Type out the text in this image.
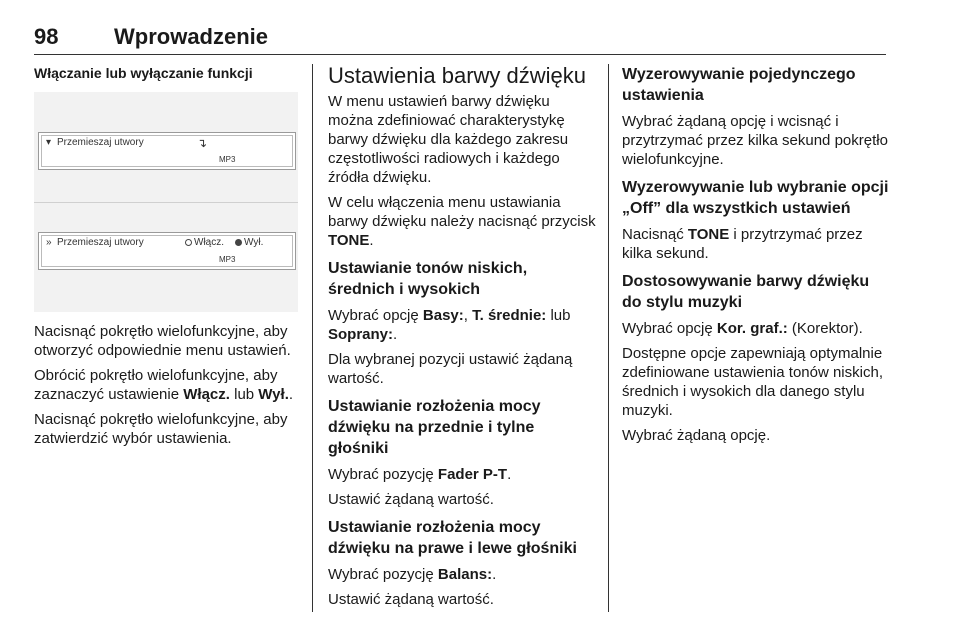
98	Wprowadzenie
Włączanie lub wyłączanie funkcji
▾ Przemieszaj utwory	↴
MP3
» Przemieszaj utwory	Włącz.	Wył.
MP3

Nacisnąć pokrętło wielofunkcyjne, aby otworzyć odpowiednie menu ustawień.

Obrócić pokrętło wielofunkcyjne, aby zaznaczyć ustawienie Włącz. lub Wył..

Nacisnąć pokrętło wielofunkcyjne, aby zatwierdzić wybór ustawienia.

Ustawienia barwy dźwięku

W menu ustawień barwy dźwięku można zdefiniować charakterystykę barwy dźwięku dla każdego zakresu częstotliwości radiowych i każdego źródła dźwięku.

W celu włączenia menu ustawiania barwy dźwięku należy nacisnąć przycisk TONE.

Ustawianie tonów niskich, średnich i wysokich

Wybrać opcję Basy:, T. średnie: lub Soprany:.

Dla wybranej pozycji ustawić żądaną wartość.

Ustawianie rozłożenia mocy dźwięku na przednie i tylne głośniki

Wybrać pozycję Fader P-T.

Ustawić żądaną wartość.

Ustawianie rozłożenia mocy dźwięku na prawe i lewe głośniki

Wybrać pozycję Balans:.

Ustawić żądaną wartość.

Wyzerowywanie pojedynczego ustawienia

Wybrać żądaną opcję i wcisnąć i przytrzymać przez kilka sekund pokrętło wielofunkcyjne.

Wyzerowywanie lub wybranie opcji „Off” dla wszystkich ustawień

Nacisnąć TONE i przytrzymać przez kilka sekund.

Dostosowywanie barwy dźwięku do stylu muzyki

Wybrać opcję Kor. graf.: (Korektor).

Dostępne opcje zapewniają optymalnie zdefiniowane ustawienia tonów niskich, średnich i wysokich dla danego stylu muzyki.

Wybrać żądaną opcję.
